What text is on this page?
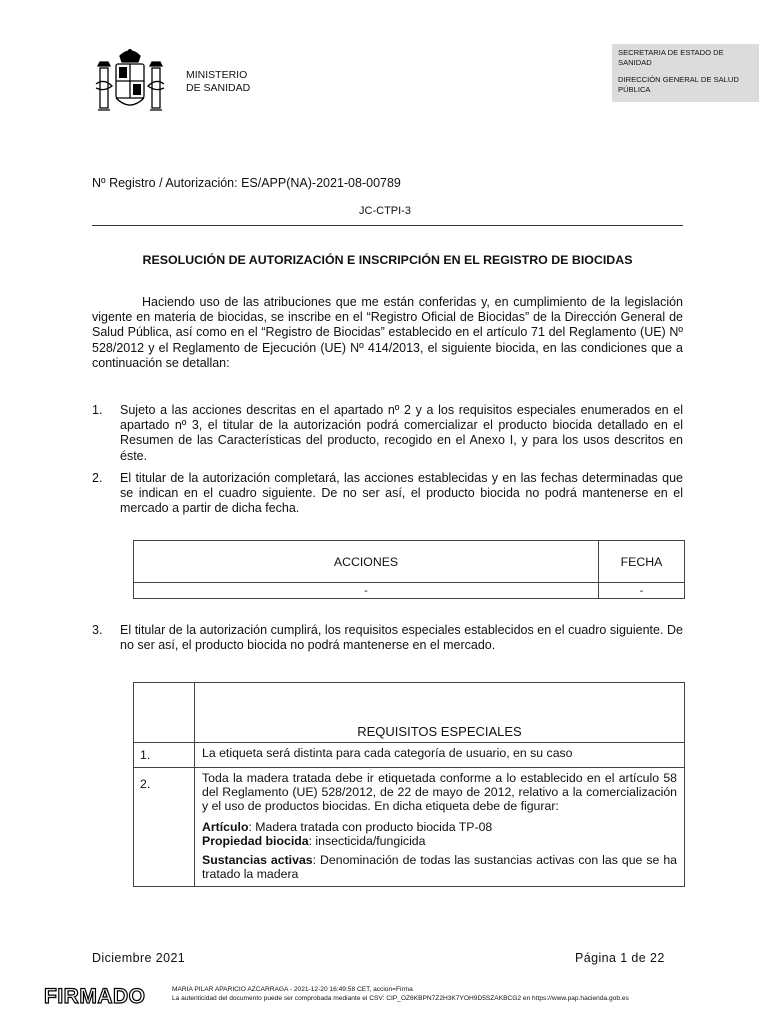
MINISTERIO
DE SANIDAD
SECRETARIA DE ESTADO DE SANIDAD
DIRECCIÓN GENERAL DE SALUD PÚBLICA
Nº Registro / Autorización: ES/APP(NA)-2021-08-00789
JC-CTPI-3
RESOLUCIÓN DE AUTORIZACIÓN E INSCRIPCIÓN EN EL REGISTRO DE BIOCIDAS
Haciendo uso de las atribuciones que me están conferidas y, en cumplimiento de la legislación vigente en materia de biocidas, se inscribe en el “Registro Oficial de Biocidas” de la Dirección General de Salud Pública, así como en el “Registro de Biocidas” establecido en el artículo 71 del Reglamento (UE) Nº 528/2012 y el Reglamento de Ejecución (UE) Nº 414/2013, el siguiente biocida, en las condiciones que a continuación se detallan:
1. Sujeto a las acciones descritas en el apartado nº 2 y a los requisitos especiales enumerados en el apartado nº 3, el titular de la autorización podrá comercializar el producto biocida detallado en el Resumen de las Características del producto, recogido en el Anexo I, y para los usos descritos en éste.
2. El titular de la autorización completará, las acciones establecidas y en las fechas determinadas que se indican en el cuadro siguiente. De no ser así, el producto biocida no podrá mantenerse en el mercado a partir de dicha fecha.
ACCIONES	FECHA
-	-
3. El titular de la autorización cumplirá, los requisitos especiales establecidos en el cuadro siguiente. De no ser así, el producto biocida no podrá mantenerse en el mercado.
	REQUISITOS ESPECIALES
1.	La etiqueta será distinta para cada categoría de usuario, en su caso
2.	Toda la madera tratada debe ir etiquetada conforme a lo establecido en el artículo 58 del Reglamento (UE) 528/2012, de 22 de mayo de 2012, relativo a la comercialización y el uso de productos biocidas. En dicha etiqueta debe de figurar:

Artículo: Madera tratada con producto biocida TP-08

Propiedad biocida: insecticida/fungicida

Sustancias activas: Denominación de todas las sustancias activas con las que se ha tratado la madera

Diciembre 2021	Página 1 de 22
FIRMADO	MARIA PILAR APARICIO AZCARRAGA - 2021-12-20 16:49:58 CET, accion=Firma
La autenticidad del documento puede ser comprobada mediante el CSV: CIP_OZ6KBPN7Z2H3K7YOH9D5SZAKBCG2 en https://www.pap.hacienda.gob.es
